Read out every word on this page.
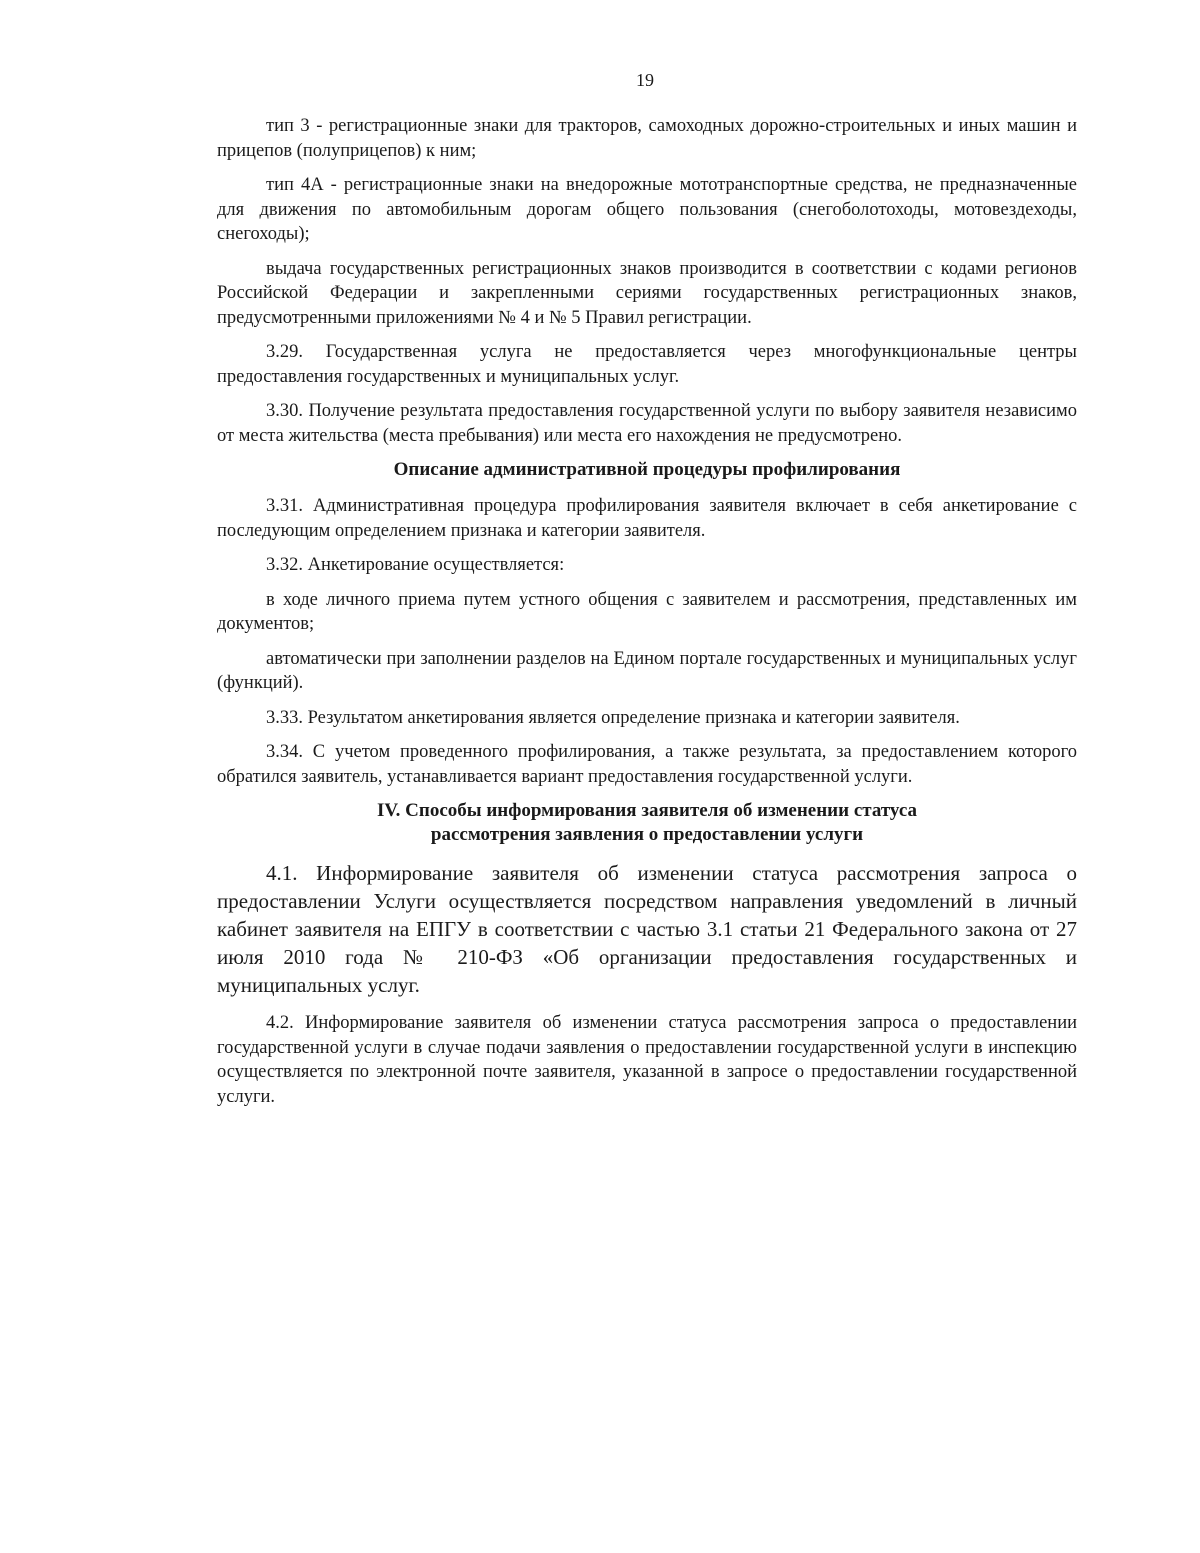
19

тип 3 - регистрационные знаки для тракторов, самоходных дорожно-строительных и иных машин и прицепов (полуприцепов) к ним;

тип 4А - регистрационные знаки на внедорожные мототранспортные средства, не предназначенные для движения по автомобильным дорогам общего пользования (снегоболотоходы, мотовездеходы, снегоходы);

выдача государственных регистрационных знаков производится в соответствии с кодами регионов Российской Федерации и закрепленными сериями государственных регистрационных знаков, предусмотренными приложениями № 4 и № 5 Правил регистрации.

3.29. Государственная услуга не предоставляется через многофункциональные центры предоставления государственных и муниципальных услуг.

3.30. Получение результата предоставления государственной услуги по выбору заявителя независимо от места жительства (места пребывания) или места его нахождения не предусмотрено.

Описание административной процедуры профилирования

3.31. Административная процедура профилирования заявителя включает в себя анкетирование с последующим определением признака и категории заявителя.

3.32. Анкетирование осуществляется:

в ходе личного приема путем устного общения с заявителем и рассмотрения, представленных им документов;

автоматически при заполнении разделов на Едином портале государственных и муниципальных услуг (функций).

3.33. Результатом анкетирования является определение признака и категории заявителя.

3.34. С учетом проведенного профилирования, а также результата, за предоставлением которого обратился заявитель, устанавливается вариант предоставления государственной услуги.

IV. Способы информирования заявителя об изменении статуса
рассмотрения заявления о предоставлении услуги

4.1. Информирование заявителя об изменении статуса рассмотрения запроса о предоставлении Услуги осуществляется посредством направления уведомлений в личный кабинет заявителя на ЕПГУ в соответствии с частью 3.1 статьи 21 Федерального закона от 27 июля 2010 года № 210-ФЗ «Об организации предоставления государственных и муниципальных услуг.

4.2. Информирование заявителя об изменении статуса рассмотрения запроса о предоставлении государственной услуги в случае подачи заявления о предоставлении государственной услуги в инспекцию осуществляется по электронной почте заявителя, указанной в запросе о предоставлении государственной услуги.
